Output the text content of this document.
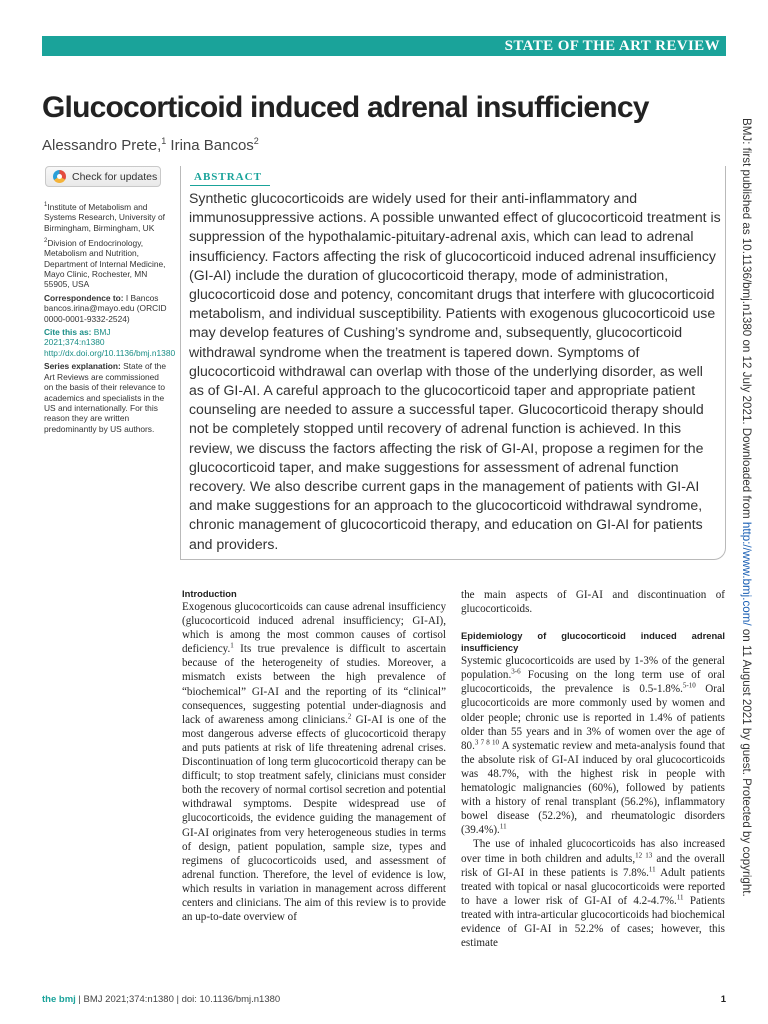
STATE OF THE ART REVIEW
Glucocorticoid induced adrenal insufficiency
Alessandro Prete,$^1$ Irina Bancos$^2$
Check for updates

$^1$Institute of Metabolism and Systems Research, University of Birmingham, Birmingham, UK

$^2$Division of Endocrinology, Metabolism and Nutrition, Department of Internal Medicine, Mayo Clinic, Rochester, MN 55905, USA

Correspondence to: I Bancos bancos.irina@mayo.edu (ORCID 0000-0001-9332-2524)

Cite this as: BMJ 2021;374:n1380 http://dx.doi.org/10.1136/bmj.n1380

Series explanation: State of the Art Reviews are commissioned on the basis of their relevance to academics and specialists in the US and internationally. For this reason they are written predominantly by US authors.

ABSTRACT

Synthetic glucocorticoids are widely used for their anti-inflammatory and immunosuppressive actions. A possible unwanted effect of glucocorticoid treatment is suppression of the hypothalamic-pituitary-adrenal axis, which can lead to adrenal insufficiency. Factors affecting the risk of glucocorticoid induced adrenal insufficiency (GI-AI) include the duration of glucocorticoid therapy, mode of administration, glucocorticoid dose and potency, concomitant drugs that interfere with glucocorticoid metabolism, and individual susceptibility. Patients with exogenous glucocorticoid use may develop features of Cushing’s syndrome and, subsequently, glucocorticoid withdrawal syndrome when the treatment is tapered down. Symptoms of glucocorticoid withdrawal can overlap with those of the underlying disorder, as well as of GI-AI. A careful approach to the glucocorticoid taper and appropriate patient counseling are needed to assure a successful taper. Glucocorticoid therapy should not be completely stopped until recovery of adrenal function is achieved. In this review, we discuss the factors affecting the risk of GI-AI, propose a regimen for the glucocorticoid taper, and make suggestions for assessment of adrenal function recovery. We also describe current gaps in the management of patients with GI-AI and make suggestions for an approach to the glucocorticoid withdrawal syndrome, chronic management of glucocorticoid therapy, and education on GI-AI for patients and providers.

Introduction

Exogenous glucocorticoids can cause adrenal insufficiency (glucocorticoid induced adrenal insufficiency; GI-AI), which is among the most common causes of cortisol deficiency.$^1$ Its true prevalence is difficult to ascertain because of the heterogeneity of studies. Moreover, a mismatch exists between the high prevalence of “biochemical” GI-AI and the reporting of its “clinical” consequences, suggesting potential under-diagnosis and lack of awareness among clinicians.$^2$ GI-AI is one of the most dangerous adverse effects of glucocorticoid therapy and puts patients at risk of life threatening adrenal crises. Discontinuation of long term glucocorticoid therapy can be difficult; to stop treatment safely, clinicians must consider both the recovery of normal cortisol secretion and potential withdrawal symptoms. Despite widespread use of glucocorticoids, the evidence guiding the management of GI-AI originates from very heterogeneous studies in terms of design, patient population, sample size, types and regimens of glucocorticoids used, and assessment of adrenal function. Therefore, the level of evidence is low, which results in variation in management across different centers and clinicians. The aim of this review is to provide an up-to-date overview of

the main aspects of GI-AI and discontinuation of glucocorticoids.

Epidemiology of glucocorticoid induced adrenal insufficiency

Systemic glucocorticoids are used by 1-3% of the general population.$^{3-6}$ Focusing on the long term use of oral glucocorticoids, the prevalence is 0.5-1.8%.$^{5-10}$ Oral glucocorticoids are more commonly used by women and older people; chronic use is reported in 1.4% of patients older than 55 years and in 3% of women over the age of 80.$^{3 7 8 10}$ A systematic review and meta-analysis found that the absolute risk of GI-AI induced by oral glucocorticoids was 48.7%, with the highest risk in people with hematologic malignancies (60%), followed by patients with a history of renal transplant (56.2%), inflammatory bowel disease (52.2%), and rheumatologic disorders (39.4%).$^{11}$

The use of inhaled glucocorticoids has also increased over time in both children and adults,$^{12 13}$ and the overall risk of GI-AI in these patients is 7.8%.$^{11}$ Adult patients treated with topical or nasal glucocorticoids were reported to have a lower risk of GI-AI of 4.2-4.7%.$^{11}$ Patients treated with intra-articular glucocorticoids had biochemical evidence of GI-AI in 52.2% of cases; however, this estimate

BMJ: first published as 10.1136/bmj.n1380 on 12 July 2021. Downloaded from http://www.bmj.com/ on 11 August 2021 by guest. Protected by copyright.
the bmj | BMJ 2021;374:n1380 | doi: 10.1136/bmj.n1380	1
